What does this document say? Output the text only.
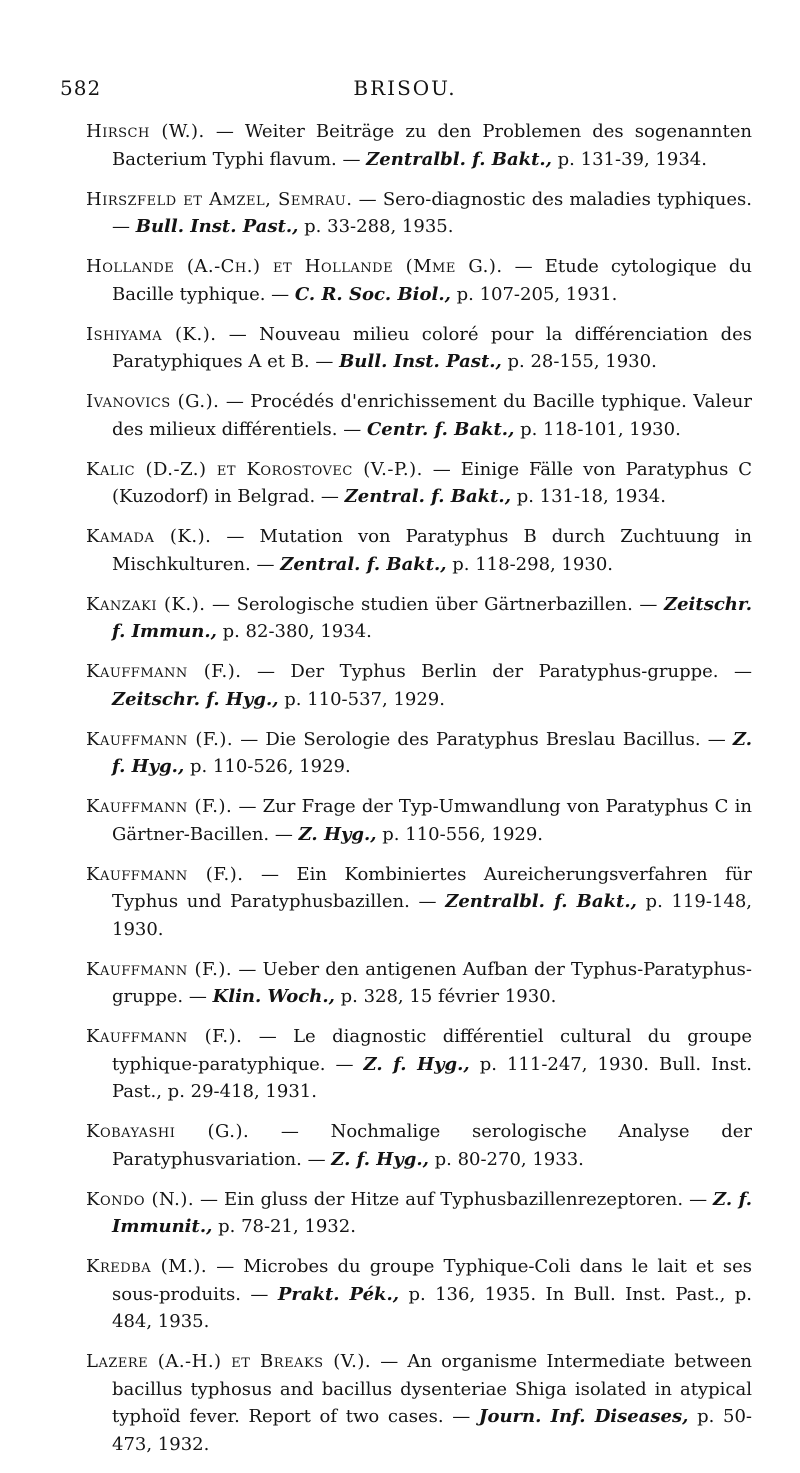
582	BRISOU.

Hirsch (W.). — Weiter Beiträge zu den Problemen des sogenannten Bacterium Typhi flavum. — Zentralbl. f. Bakt., p. 131-39, 1934.

Hirszfeld et Amzel, Semrau. — Sero-diagnostic des maladies typhiques. — Bull. Inst. Past., p. 33-288, 1935.

Hollande (A.-Ch.) et Hollande (Mme G.). — Etude cytologique du Bacille typhique. — C. R. Soc. Biol., p. 107-205, 1931.

Ishiyama (K.). — Nouveau milieu coloré pour la différenciation des Paratyphiques A et B. — Bull. Inst. Past., p. 28-155, 1930.

Ivanovics (G.). — Procédés d'enrichissement du Bacille typhique. Valeur des milieux différentiels. — Centr. f. Bakt., p. 118-101, 1930.

Kalic (D.-Z.) et Korostovec (V.-P.). — Einige Fälle von Paratyphus C (Kuzodorf) in Belgrad. — Zentral. f. Bakt., p. 131-18, 1934.

Kamada (K.). — Mutation von Paratyphus B durch Zuchtuung in Mischkulturen. — Zentral. f. Bakt., p. 118-298, 1930.

Kanzaki (K.). — Serologische studien über Gärtnerbazillen. — Zeitschr. f. Immun., p. 82-380, 1934.

Kauffmann (F.). — Der Typhus Berlin der Paratyphus-gruppe. — Zeitschr. f. Hyg., p. 110-537, 1929.

Kauffmann (F.). — Die Serologie des Paratyphus Breslau Bacillus. — Z. f. Hyg., p. 110-526, 1929.

Kauffmann (F.). — Zur Frage der Typ-Umwandlung von Paratyphus C in Gärtner-Bacillen. — Z. Hyg., p. 110-556, 1929.

Kauffmann (F.). — Ein Kombiniertes Aureicherungsverfahren für Typhus und Paratyphusbazillen. — Zentralbl. f. Bakt., p. 119-148, 1930.

Kauffmann (F.). — Ueber den antigenen Aufban der Typhus-Paratyphus-gruppe. — Klin. Woch., p. 328, 15 février 1930.

Kauffmann (F.). — Le diagnostic différentiel cultural du groupe typhique-paratyphique. — Z. f. Hyg., p. 111-247, 1930. Bull. Inst. Past., p. 29-418, 1931.

Kobayashi (G.). — Nochmalige serologische Analyse der Paratyphusvariation. — Z. f. Hyg., p. 80-270, 1933.

Kondo (N.). — Ein gluss der Hitze auf Typhusbazillenrezeptoren. — Z. f. Immunit., p. 78-21, 1932.

Kredba (M.). — Microbes du groupe Typhique-Coli dans le lait et ses sous-produits. — Prakt. Pék., p. 136, 1935. In Bull. Inst. Past., p. 484, 1935.

Lazere (A.-H.) et Breaks (V.). — An organisme Intermediate between bacillus typhosus and bacillus dysenteriae Shiga isolated in atypical typhoïd fever. Report of two cases. — Journ. Inf. Diseases, p. 50-473, 1932.
